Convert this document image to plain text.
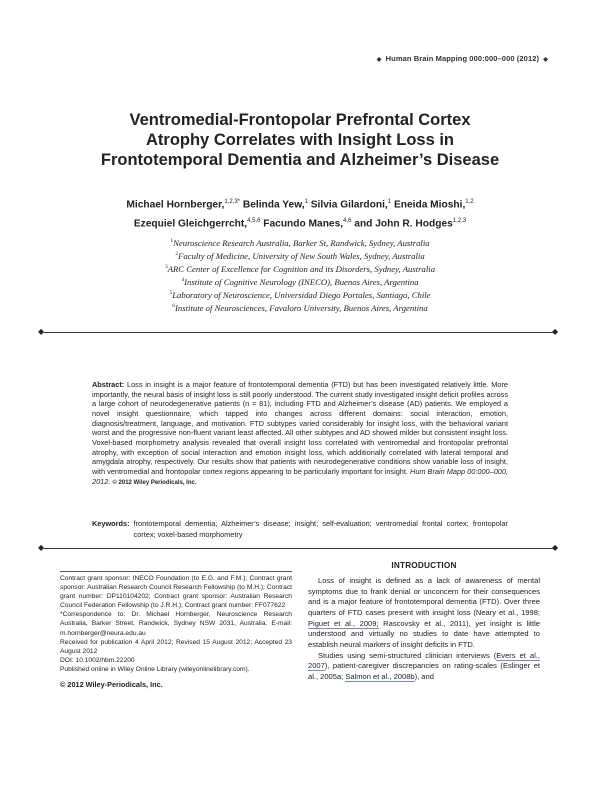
◆ Human Brain Mapping 000:000–000 (2012) ◆
Ventromedial-Frontopolar Prefrontal Cortex
Atrophy Correlates with Insight Loss in
Frontotemporal Dementia and Alzheimer’s Disease
Michael Hornberger,$^{1,2,3*}$ Belinda Yew,$^1$ Silvia Gilardoni,$^1$ Eneida Mioshi,$^{1,2}$
Ezequiel Gleichgerrcht,$^{4,5,6}$ Facundo Manes,$^{4,6}$ and John R. Hodges$^{1,2,3}$
$^1$Neuroscience Research Australia, Barker St, Randwick, Sydney, Australia
$^2$Faculty of Medicine, University of New South Wales, Sydney, Australia
$^3$ARC Center of Excellence for Cognition and its Disorders, Sydney, Australia
$^4$Institute of Cognitive Neurology (INECO), Buenos Aires, Argentina
$^5$Laboratory of Neuroscience, Universidad Diego Portales, Santiago, Chile
$^6$Institute of Neurosciences, Favaloro University, Buenos Aires, Argentina
◆	◆
Abstract: Loss in insight is a major feature of frontotemporal dementia (FTD) but has been investigated relatively little. More importantly, the neural basis of insight loss is still poorly understood. The current study investigated insight deficit profiles across a large cohort of neurodegenerative patients (n = 81), including FTD and Alzheimer’s disease (AD) patients. We employed a novel insight questionnaire, which tapped into changes across different domains: social interaction, emotion, diagnosis/treatment, language, and motivation. FTD subtypes varied considerably for insight loss, with the behavioral variant worst and the progressive non-fluent variant least affected. All other subtypes and AD showed milder but consistent insight loss. Voxel-based morphometry analysis revealed that overall insight loss correlated with ventromedial and frontopolar prefrontal atrophy, with exception of social interaction and emotion insight loss, which additionally correlated with lateral temporal and amygdala atrophy, respectively. Our results show that patients with neurodegenerative conditions show variable loss of insight, with ventromedial and frontopolar cortex regions appearing to be particularly important for insight. Hum Brain Mapp 00:000–000, 2012. © 2012 Wiley Periodicals, Inc.
Keywords: frontotemporal dementia; Alzheimer’s disease; insight; self-evaluation; ventromedial frontal cortex; frontopolar cortex; voxel-based morphometry
◆	◆

Contract grant sponsor: INECO Foundation (to E.G. and F.M.); Contract grant sponsor: Australian Research Council Research Fellowship (to M.H.); Contract grant number: DP110104202; Contract grant sponsor: Australian Research Council Federation Fellowship (to J.R.H.); Contract grant number: FF077622

*Correspondence to: Dr. Michael Hornberger, Neuroscience Research Australia, Barker Street, Randwick, Sydney NSW 2031, Australia. E-mail: m.hornberger@neura.edu.au

Received for publication 4 April 2012; Revised 15 August 2012; Accepted 23 August 2012

DOI: 10.1002/hbm.22200

Published online in Wiley Online Library (wileyonlinelibrary.com).

© 2012 Wiley-Periodicals, Inc.
INTRODUCTION

Loss of insight is defined as a lack of awareness of mental symptoms due to frank denial or unconcern for their consequences and is a major feature of frontotemporal dementia (FTD). Over three quarters of FTD cases present with insight loss (Neary et al., 1998; Piguet et al., 2009; Rascovsky et al., 2011), yet insight is little understood and virtually no studies to date have attempted to establish neural markers of insight deficits in FTD.

Studies using semi-structured clinician interviews (Evers et al., 2007), patient-caregiver discrepancies on rating-scales (Eslinger et al., 2005a; Salmon et al., 2008b), and
